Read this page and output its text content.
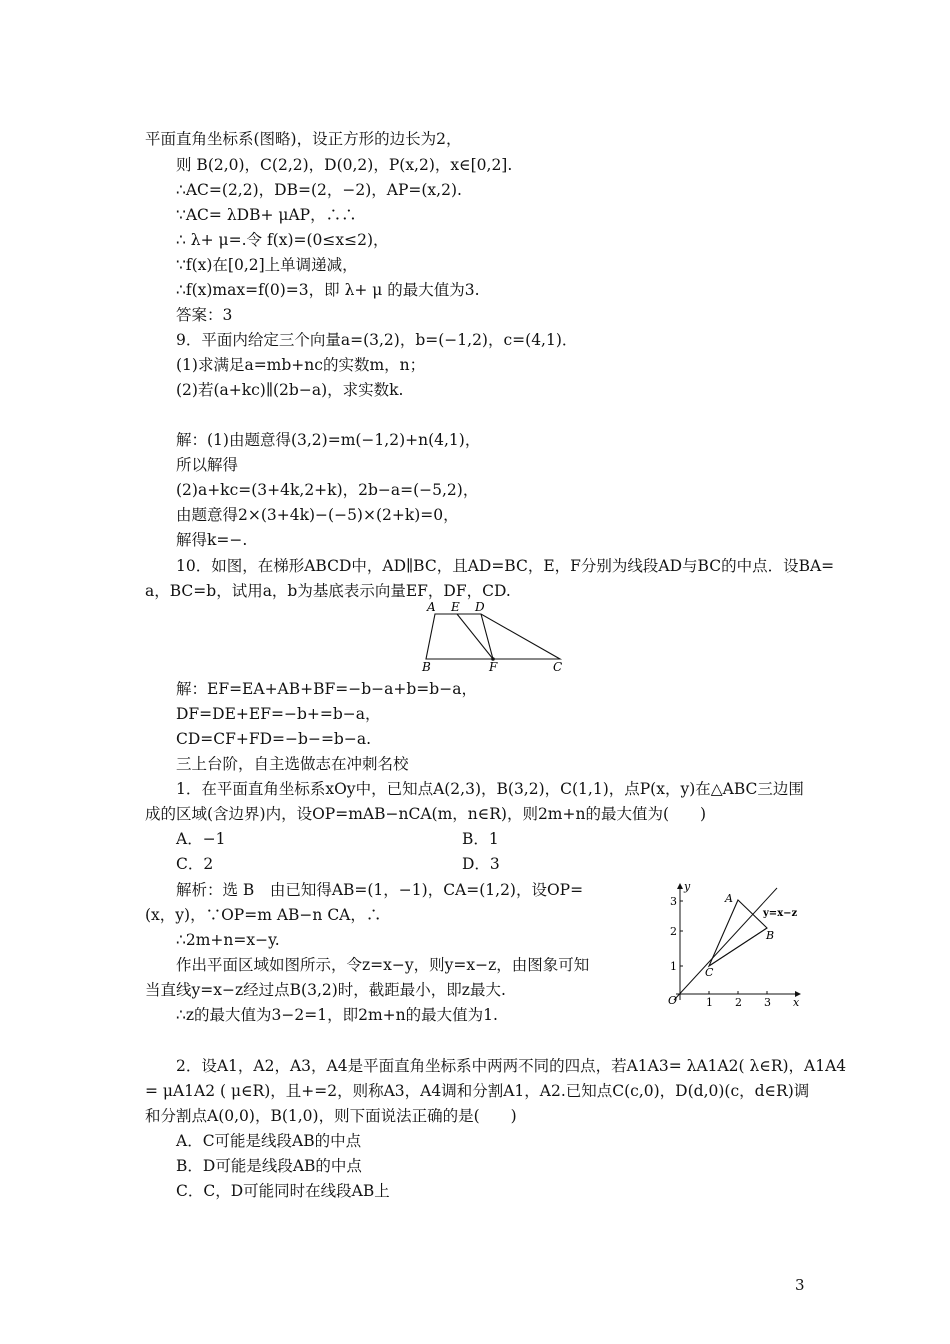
平面直角坐标系(图略)，设正方形的边长为2，
则 B(2,0)，C(2,2)，D(0,2)，P(x,2)，x∈[0,2].
∴AC=(2,2)，DB=(2，−2)，AP=(x,2).
∵AC= λDB+ μAP，∴∴
∴ λ+ μ=.令 f(x)=(0≤x≤2)，
∵f(x)在[0,2]上单调递减，
∴f(x)max=f(0)=3，即 λ+ μ 的最大值为3.
答案：3
9．平面内给定三个向量a=(3,2)，b=(−1,2)，c=(4,1)．
(1)求满足a=mb+nc的实数m，n；
(2)若(a+kc)∥(2b−a)，求实数k.
解：(1)由题意得(3,2)=m(−1,2)+n(4,1)，
所以解得
(2)a+kc=(3+4k,2+k)，2b−a=(−5,2)，
由题意得2×(3+4k)−(−5)×(2+k)=0，
解得k=−.
10．如图，在梯形ABCD中，AD∥BC，且AD=BC，E，F分别为线段AD与BC的中点．设BA=
a，BC=b，试用a，b为基底表示向量EF，DF，CD.
A E D
B	F	C
解：EF=EA+AB+BF=−b−a+b=b−a，
DF=DE+EF=−b+=b−a，
CD=CF+FD=−b−=b−a.
三上台阶，自主选做志在冲刺名校
1．在平面直角坐标系xOy中，已知点A(2,3)，B(3,2)，C(1,1)，点P(x，y)在△ABC三边围
成的区域(含边界)内，设OP=mAB−nCA(m，n∈R)，则2m+n的最大值为(　　)
A．−1	B．1
C．2	D．3
解析：选 B　由已知得AB=(1，−1)，CA=(1,2)，设OP=
(x，y)，∵OP=m AB−n CA，∴
∴2m+n=x−y.
作出平面区域如图所示，令z=x−y，则y=x−z，由图象可知
当直线y=x−z经过点B(3,2)时，截距最小，即z最大.
∴z的最大值为3−2=1，即2m+n的最大值为1.
y
x
O
y=x−z
1 2 3
1
2
3	A
B
C
2．设A1，A2，A3，A4是平面直角坐标系中两两不同的四点，若A1A3= λA1A2( λ∈R)，A1A4
= μA1A2 ( μ∈R)，且+=2，则称A3，A4调和分割A1，A2.已知点C(c,0)，D(d,0)(c，d∈R)调
和分割点A(0,0)，B(1,0)，则下面说法正确的是(　　)
A．C可能是线段AB的中点
B．D可能是线段AB的中点
C．C，D可能同时在线段AB上
3
